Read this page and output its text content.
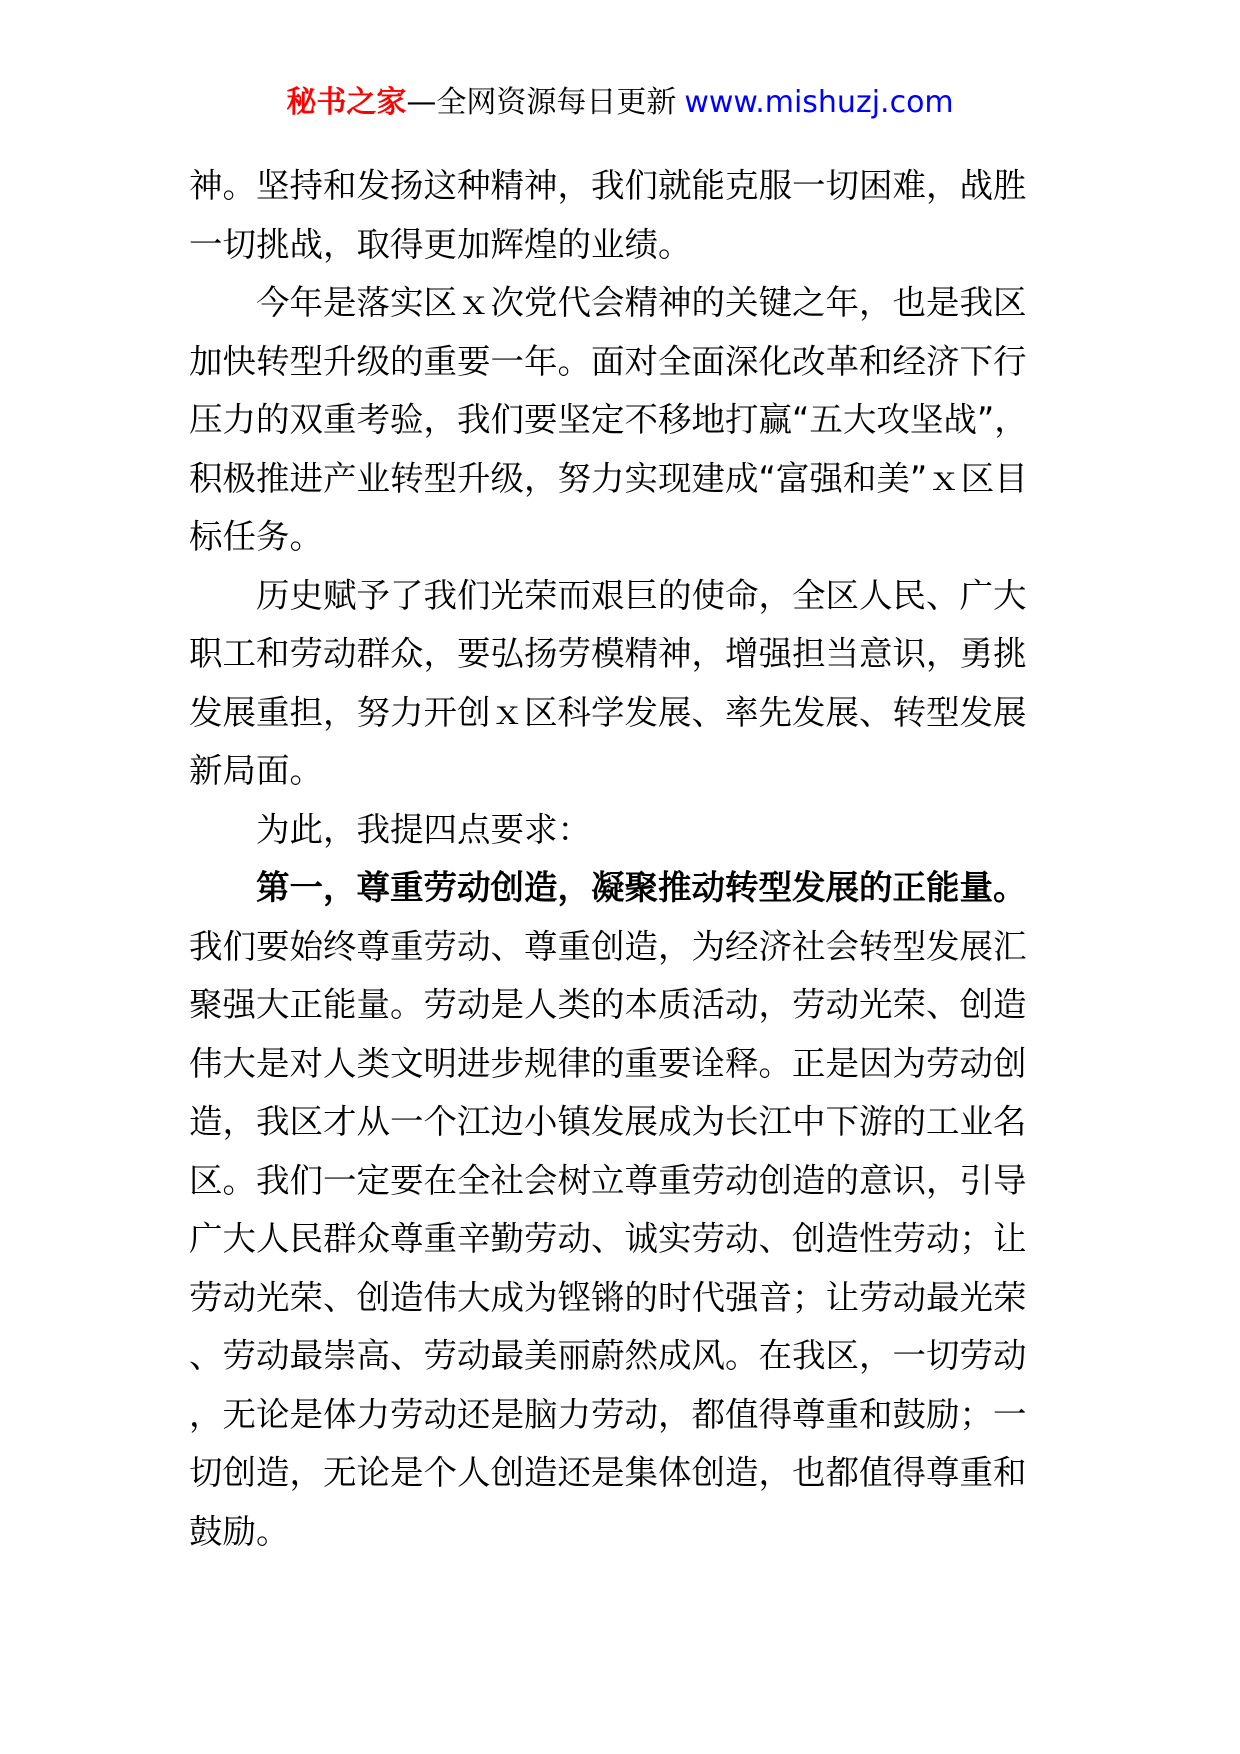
秘书之家—全网资源每日更新 www.mishuzj.com

神。坚持和发扬这种精神，我们就能克服一切困难，战胜一切挑战，取得更加辉煌的业绩。

今年是落实区ｘ次党代会精神的关键之年，也是我区加快转型升级的重要一年。面对全面深化改革和经济下行压力的双重考验，我们要坚定不移地打赢“五大攻坚战”，积极推进产业转型升级，努力实现建成“富强和美”ｘ区目标任务。

历史赋予了我们光荣而艰巨的使命，全区人民、广大职工和劳动群众，要弘扬劳模精神，增强担当意识，勇挑发展重担，努力开创ｘ区科学发展、率先发展、转型发展新局面。

为此，我提四点要求：

第一，尊重劳动创造，凝聚推动转型发展的正能量。我们要始终尊重劳动、尊重创造，为经济社会转型发展汇聚强大正能量。劳动是人类的本质活动，劳动光荣、创造伟大是对人类文明进步规律的重要诠释。正是因为劳动创造，我区才从一个江边小镇发展成为长江中下游的工业名区。我们一定要在全社会树立尊重劳动创造的意识，引导广大人民群众尊重辛勤劳动、诚实劳动、创造性劳动；让劳动光荣、创造伟大成为铿锵的时代强音；让劳动最光荣、劳动最崇高、劳动最美丽蔚然成风。在我区，一切劳动，无论是体力劳动还是脑力劳动，都值得尊重和鼓励；一切创造，无论是个人创造还是集体创造，也都值得尊重和鼓励。
